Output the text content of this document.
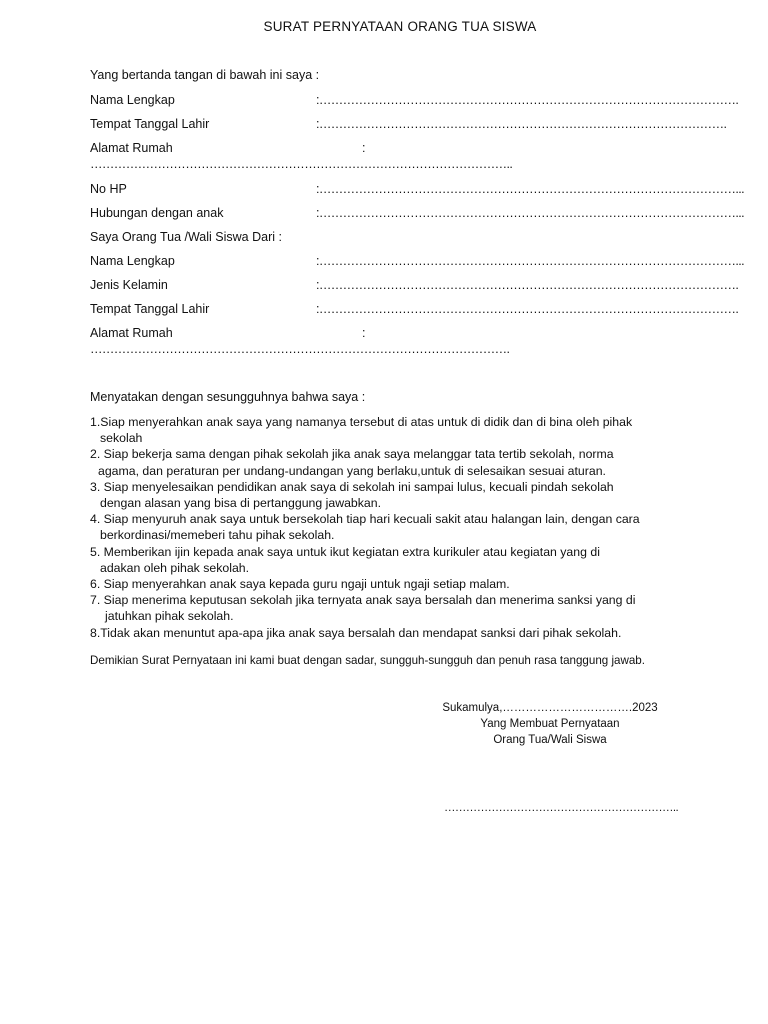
SURAT PERNYATAAN ORANG TUA SISWA
Yang bertanda tangan di bawah ini saya :
Nama Lengkap	:…………………………………………………………………………………………….
Tempat Tanggal Lahir	:………………………………………………………………………………………….
Alamat Rumah	:
……………………………………………………………………………………………..
No HP	:……………………………………………………………………………………………...
Hubungan dengan anak	:……………………………………………………………………………………………...
Saya Orang Tua /Wali Siswa Dari :
Nama Lengkap	:……………………………………………………………………………………………...
Jenis Kelamin	:…………………………………………………………………………………………….
Tempat Tanggal Lahir	:…………………………………………………………………………………………….
Alamat Rumah	:
…………………………………………………………………………………………….
Menyatakan dengan sesungguhnya bahwa saya :
1.Siap menyerahkan anak saya yang namanya tersebut di atas untuk di didik dan di bina oleh pihak
sekolah
2. Siap bekerja sama dengan pihak sekolah jika anak saya melanggar tata tertib sekolah, norma
agama, dan peraturan per undang-undangan yang berlaku,untuk di selesaikan sesuai aturan.
3. Siap menyelesaikan pendidikan anak saya di sekolah ini sampai lulus, kecuali pindah sekolah
dengan alasan yang bisa di pertanggung jawabkan.
4. Siap menyuruh anak saya untuk bersekolah tiap hari kecuali sakit atau halangan lain, dengan cara
berkordinasi/memeberi tahu pihak sekolah.
5. Memberikan ijin kepada anak saya untuk ikut kegiatan extra kurikuler atau kegiatan yang di
adakan oleh pihak sekolah.
6. Siap menyerahkan anak saya kepada guru ngaji untuk ngaji setiap malam.
7. Siap menerima keputusan sekolah jika ternyata anak saya bersalah dan menerima sanksi yang di
jatuhkan pihak sekolah.
8.Tidak akan menuntut apa-apa jika anak saya bersalah dan mendapat sanksi dari pihak sekolah.
Demikian Surat Pernyataan ini kami buat dengan sadar, sungguh-sungguh dan penuh rasa tanggung jawab.
Sukamulya,…………………………….2023
Yang Membuat Pernyataan
Orang Tua/Wali Siswa
………………………………………………………..
